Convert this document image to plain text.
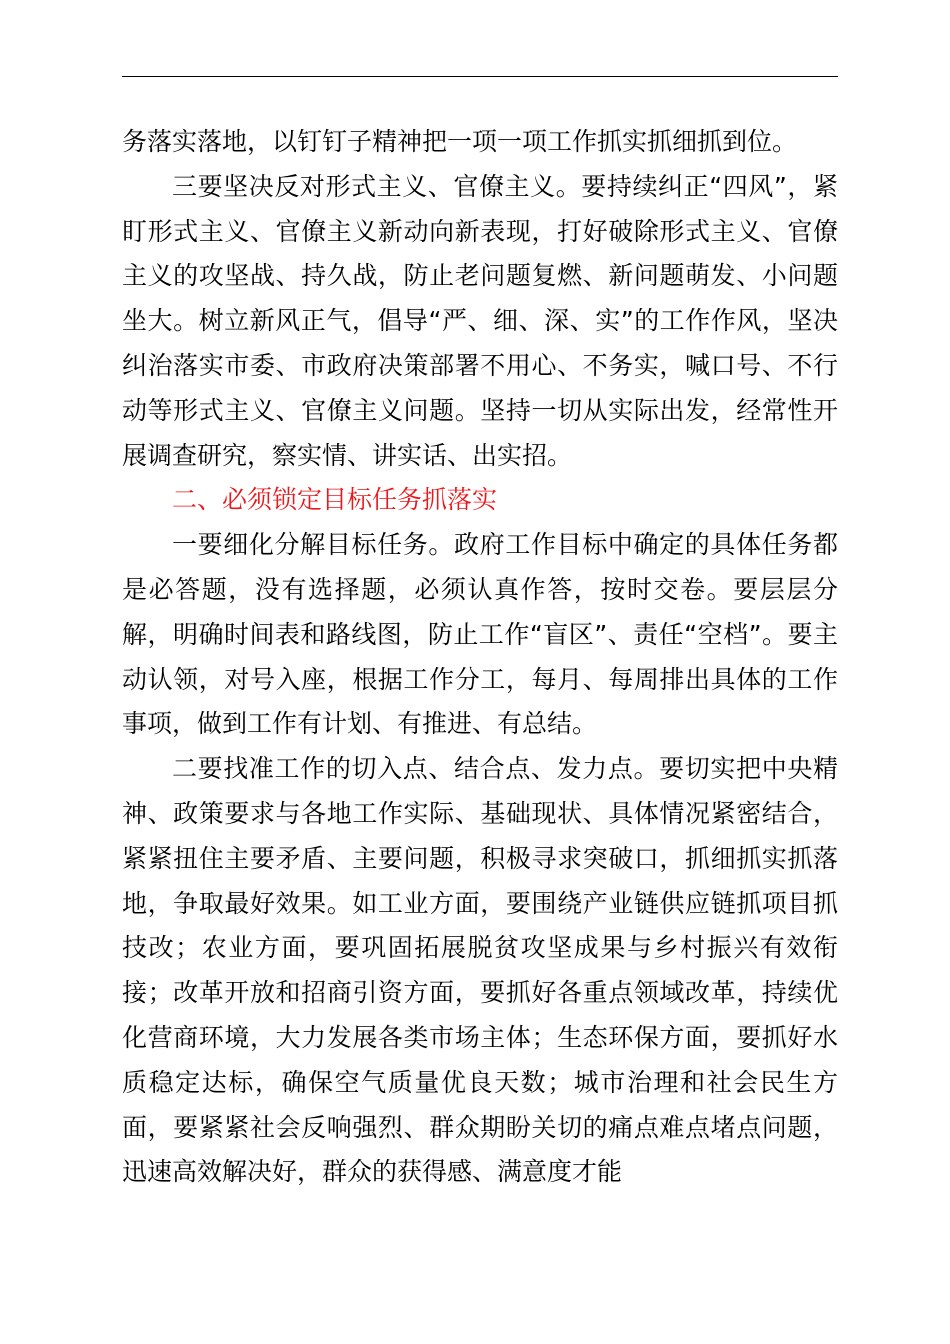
务落实落地，以钉钉子精神把一项一项工作抓实抓细抓到位。

三要坚决反对形式主义、官僚主义。要持续纠正“四风”，紧盯形式主义、官僚主义新动向新表现，打好破除形式主义、官僚主义的攻坚战、持久战，防止老问题复燃、新问题萌发、小问题坐大。树立新风正气，倡导“严、细、深、实”的工作作风，坚决纠治落实市委、市政府决策部署不用心、不务实，喊口号、不行动等形式主义、官僚主义问题。坚持一切从实际出发，经常性开展调查研究，察实情、讲实话、出实招。

二、必须锁定目标任务抓落实

一要细化分解目标任务。政府工作目标中确定的具体任务都是必答题，没有选择题，必须认真作答，按时交卷。要层层分解，明确时间表和路线图，防止工作“盲区”、责任“空档”。要主动认领，对号入座，根据工作分工，每月、每周排出具体的工作事项，做到工作有计划、有推进、有总结。

二要找准工作的切入点、结合点、发力点。要切实把中央精神、政策要求与各地工作实际、基础现状、具体情况紧密结合，紧紧扭住主要矛盾、主要问题，积极寻求突破口，抓细抓实抓落地，争取最好效果。如工业方面，要围绕产业链供应链抓项目抓技改；农业方面，要巩固拓展脱贫攻坚成果与乡村振兴有效衔接；改革开放和招商引资方面，要抓好各重点领域改革，持续优化营商环境，大力发展各类市场主体；生态环保方面，要抓好水质稳定达标，确保空气质量优良天数；城市治理和社会民生方面，要紧紧社会反响强烈、群众期盼关切的痛点难点堵点问题，迅速高效解决好，群众的获得感、满意度才能
